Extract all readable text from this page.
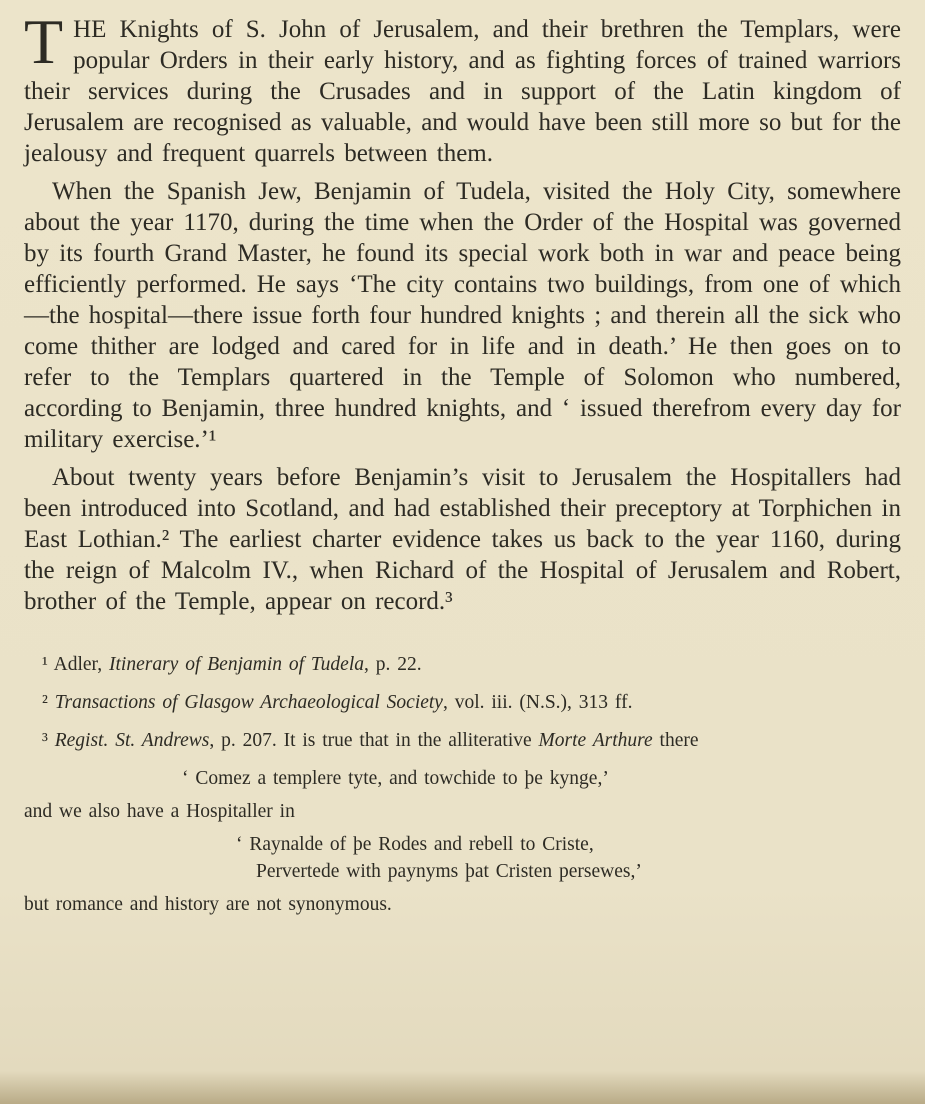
T HE Knights of S. John of Jerusalem, and their brethren the Templars, were popular Orders in their early history, and as fighting forces of trained warriors their services during the Crusades and in support of the Latin kingdom of Jerusalem are recognised as valuable, and would have been still more so but for the jealousy and frequent quarrels between them.

When the Spanish Jew, Benjamin of Tudela, visited the Holy City, somewhere about the year 1170, during the time when the Order of the Hospital was governed by its fourth Grand Master, he found its special work both in war and peace being efficiently performed. He says ‘The city contains two buildings, from one of which—the hospital—there issue forth four hundred knights ; and therein all the sick who come thither are lodged and cared for in life and in death.’ He then goes on to refer to the Templars quartered in the Temple of Solomon who numbered, according to Benjamin, three hundred knights, and ‘ issued therefrom every day for military exercise.’¹

About twenty years before Benjamin’s visit to Jerusalem the Hospitallers had been introduced into Scotland, and had established their preceptory at Torphichen in East Lothian.² The earliest charter evidence takes us back to the year 1160, during the reign of Malcolm IV., when Richard of the Hospital of Jerusalem and Robert, brother of the Temple, appear on record.³

¹ Adler, Itinerary of Benjamin of Tudela, p. 22.

² Transactions of Glasgow Archaeological Society, vol. iii. (N.S.), 313 ff.

³ Regist. St. Andrews, p. 207. It is true that in the alliterative Morte Arthure there

‘ Comez a templere tyte, and towchide to þe kynge,’

and we also have a Hospitaller in

‘ Raynalde of þe Rodes and rebell to Criste,

Pervertede with paynyms þat Cristen persewes,’

but romance and history are not synonymous.
